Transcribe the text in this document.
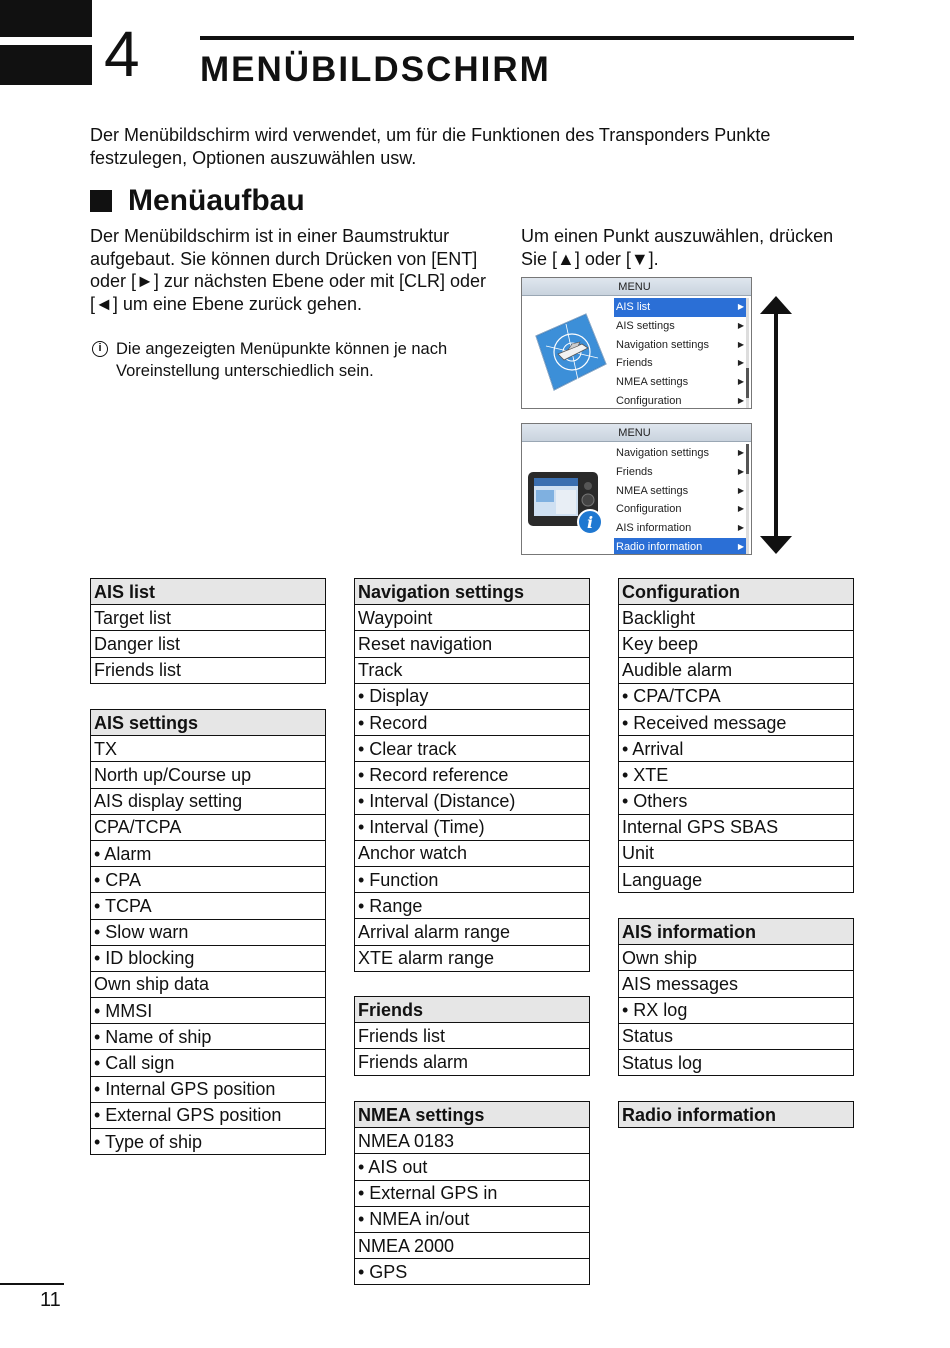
4 MENÜBILDSCHIRM
Der Menübildschirm wird verwendet, um für die Funktionen des Transponders Punkte festzulegen, Optionen auszuwählen usw.
Menüaufbau
Der Menübildschirm ist in einer Baumstruktur aufgebaut. Sie können durch Drücken von [ENT] oder [►] zur nächsten Ebene oder mit [CLR] oder [◄] um eine Ebene zurück gehen.
i Die angezeigten Menüpunkte können je nach Voreinstellung unterschiedlich sein.
Um einen Punkt auszuwählen, drücken Sie [▲] oder [▼].
MENU
AIS list	▶
AIS settings	▶
Navigation settings	▶
Friends	▶
NMEA settings	▶
Configuration	▶
MENU
i
Navigation settings	▶
Friends	▶
NMEA settings	▶
Configuration	▶
AIS information	▶
Radio information	▶
AIS list
Target list
Danger list
Friends list
AIS settings
TX
North up/Course up
AIS display setting
CPA/TCPA
• Alarm
• CPA
• TCPA
• Slow warn
• ID blocking
Own ship data
• MMSI
• Name of ship
• Call sign
• Internal GPS position
• External GPS position
• Type of ship
Navigation settings
Waypoint
Reset navigation
Track
• Display
• Record
• Clear track
• Record reference
• Interval (Distance)
• Interval (Time)
Anchor watch
• Function
• Range
Arrival alarm range
XTE alarm range
Friends
Friends list
Friends alarm
NMEA settings
NMEA 0183
• AIS out
• External GPS in
• NMEA in/out
NMEA 2000
• GPS
Configuration
Backlight
Key beep
Audible alarm
• CPA/TCPA
• Received message
• Arrival
• XTE
• Others
Internal GPS SBAS
Unit
Language
AIS information
Own ship
AIS messages
• RX log
Status
Status log
Radio information
11
